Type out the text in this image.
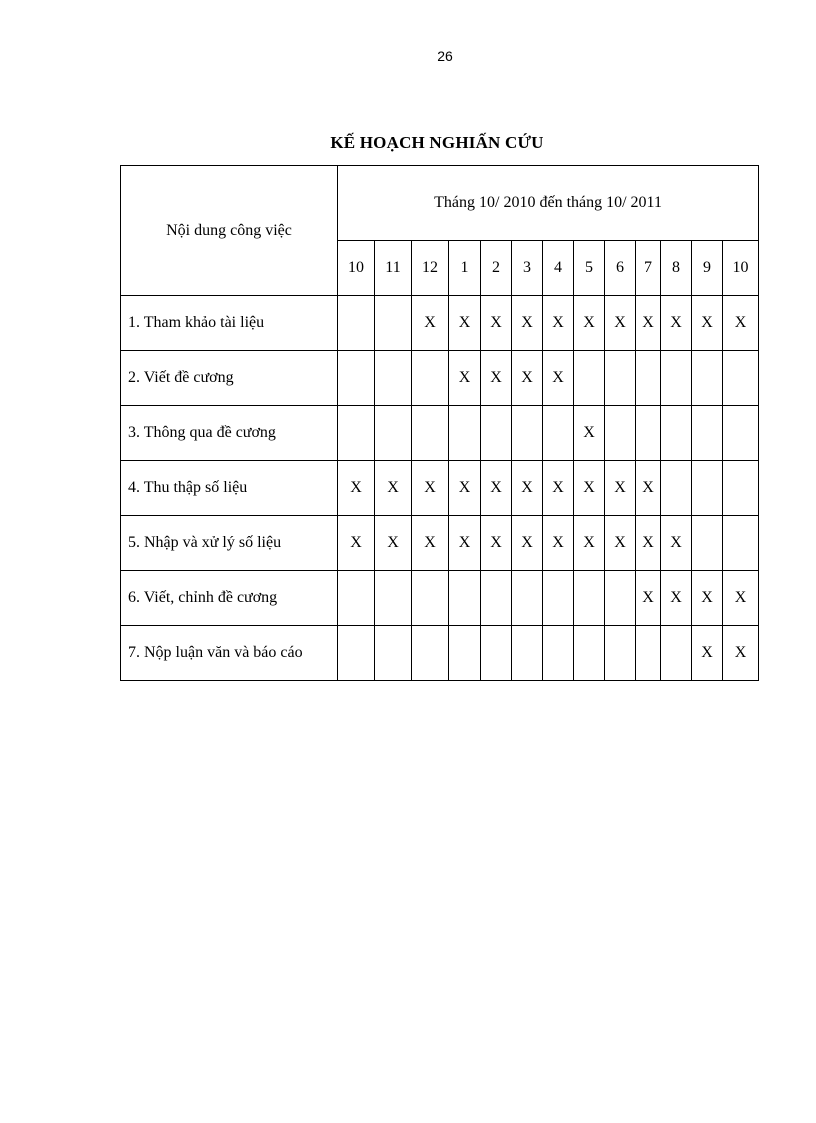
26
KẾ HOẠCH NGHIẤN CỨU
Nội dung công việc	Tháng 10/ 2010 đến tháng 10/ 2011												
	10	11	12	1	2	3	4	5	6	7	8	9	10
1. Tham khảo tài liệu			X	X	X	X	X	X	X	X	X	X	X
2. Viết đề cương				X	X	X	X						
3. Thông qua đề cương								X					
4. Thu thập số liệu	X	X	X	X	X	X	X	X	X	X			
5. Nhập và xử lý số liệu	X	X	X	X	X	X	X	X	X	X	X		
6. Viết, chỉnh đề cương										X	X	X	X
7. Nộp luận văn và báo cáo												X	X
